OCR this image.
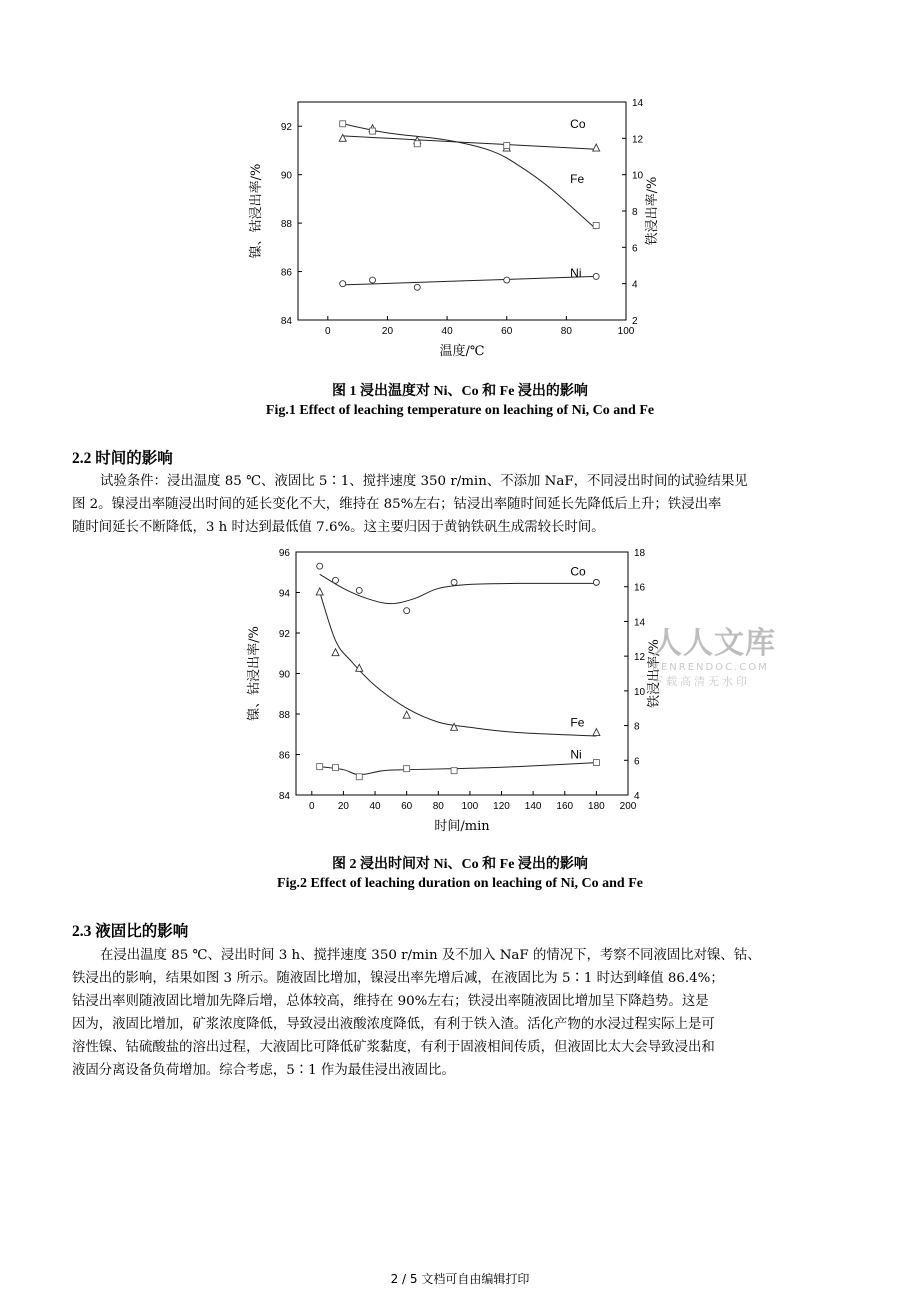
0	20	40	60	80	100
84
86
88
90
92
2
4
6
8
10
12
14
温度/℃
镍、钴浸出率/%	铁浸出率/%
Co
Fe
Ni
图 1 浸出温度对 Ni、Co 和 Fe 浸出的影响
Fig.1 Effect of leaching temperature on leaching of Ni, Co and Fe
2.2 时间的影响
试验条件：浸出温度 85 ℃、液固比 5∶1、搅拌速度 350 r/min、不添加 NaF，不同浸出时间的试验结果见
图 2。镍浸出率随浸出时间的延长变化不大，维持在 85%左右；钴浸出率随时间延长先降低后上升；铁浸出率
随时间延长不断降低，3 h 时达到最低值 7.6%。这主要归因于黄钠铁矾生成需较长时间。
0 20 40 60 80 100 120 140 160 180 200
84
86
88
90
92
94
96
4
6
8
10
12
14
16
18
时间/min
镍、钴浸出率/%	铁浸出率/%
Co
Fe
Ni
人人文库
RENRENDOC.COM
下载高清无水印
图 2 浸出时间对 Ni、Co 和 Fe 浸出的影响
Fig.2 Effect of leaching duration on leaching of Ni, Co and Fe
2.3 液固比的影响
在浸出温度 85 ℃、浸出时间 3 h、搅拌速度 350 r/min 及不加入 NaF 的情况下，考察不同液固比对镍、钴、
铁浸出的影响，结果如图 3 所示。随液固比增加，镍浸出率先增后减，在液固比为 5∶1 时达到峰值 86.4%；
钴浸出率则随液固比增加先降后增，总体较高，维持在 90%左右；铁浸出率随液固比增加呈下降趋势。这是
因为，液固比增加，矿浆浓度降低，导致浸出液酸浓度降低，有利于铁入渣。活化产物的水浸过程实际上是可
溶性镍、钴硫酸盐的溶出过程，大液固比可降低矿浆黏度，有利于固液相间传质，但液固比太大会导致浸出和
液固分离设备负荷增加。综合考虑，5∶1 作为最佳浸出液固比。
2 / 5 文档可自由编辑打印
